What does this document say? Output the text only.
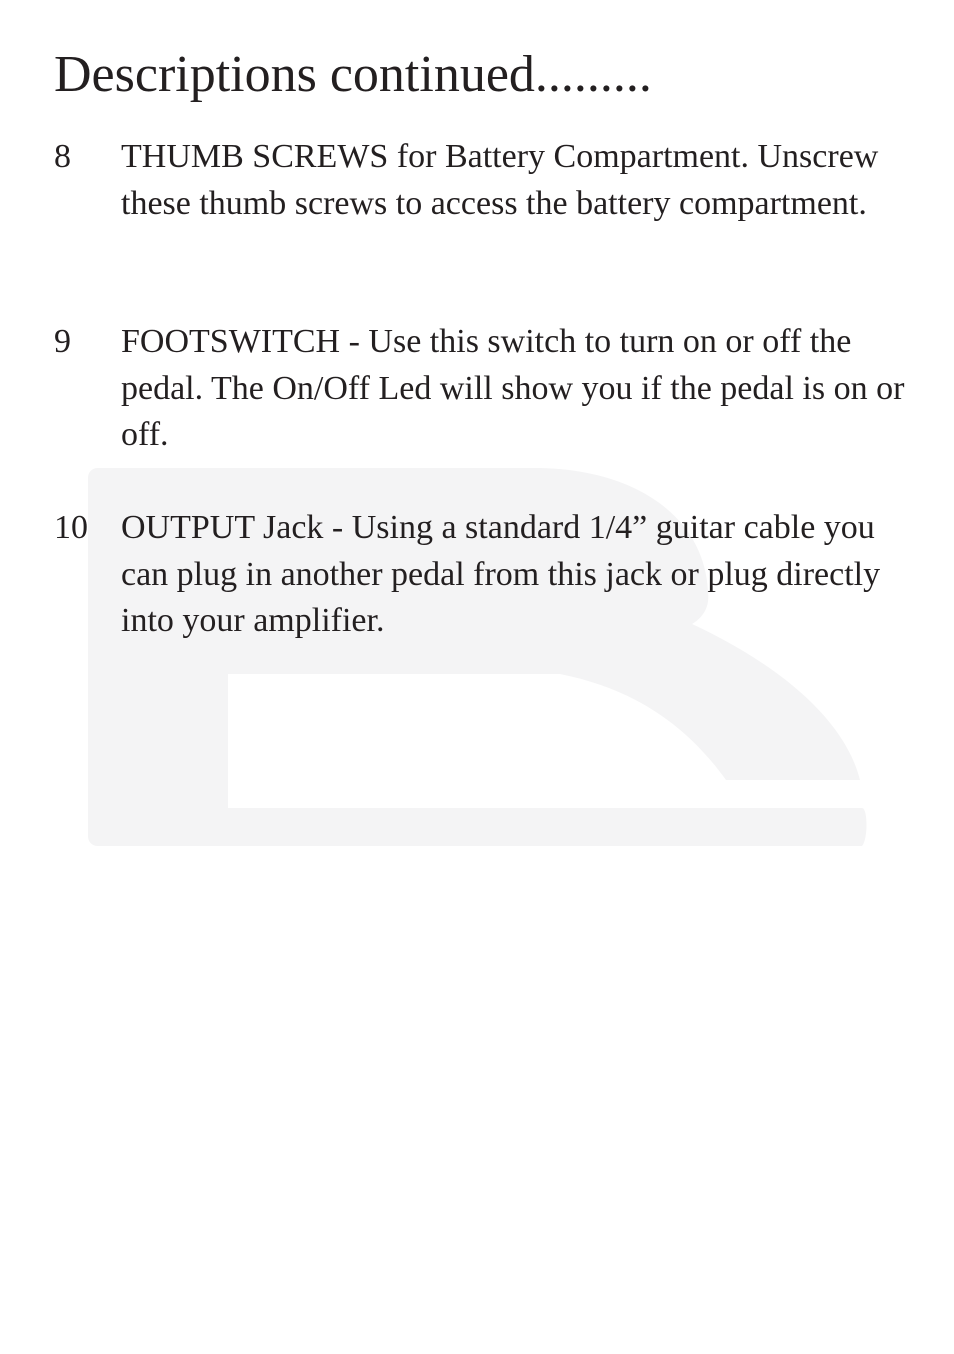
Descriptions continued.........
8 THUMB SCREWS for Battery Compartment. Unscrew these thumb screws to access the battery compartment.
9 FOOTSWITCH - Use this switch to turn on or off the pedal. The On/Off Led will show you if the pedal is on or off.
10 OUTPUT Jack - Using a standard 1/4” guitar cable you can plug in another pedal from this jack or plug directly into your amplifier.
